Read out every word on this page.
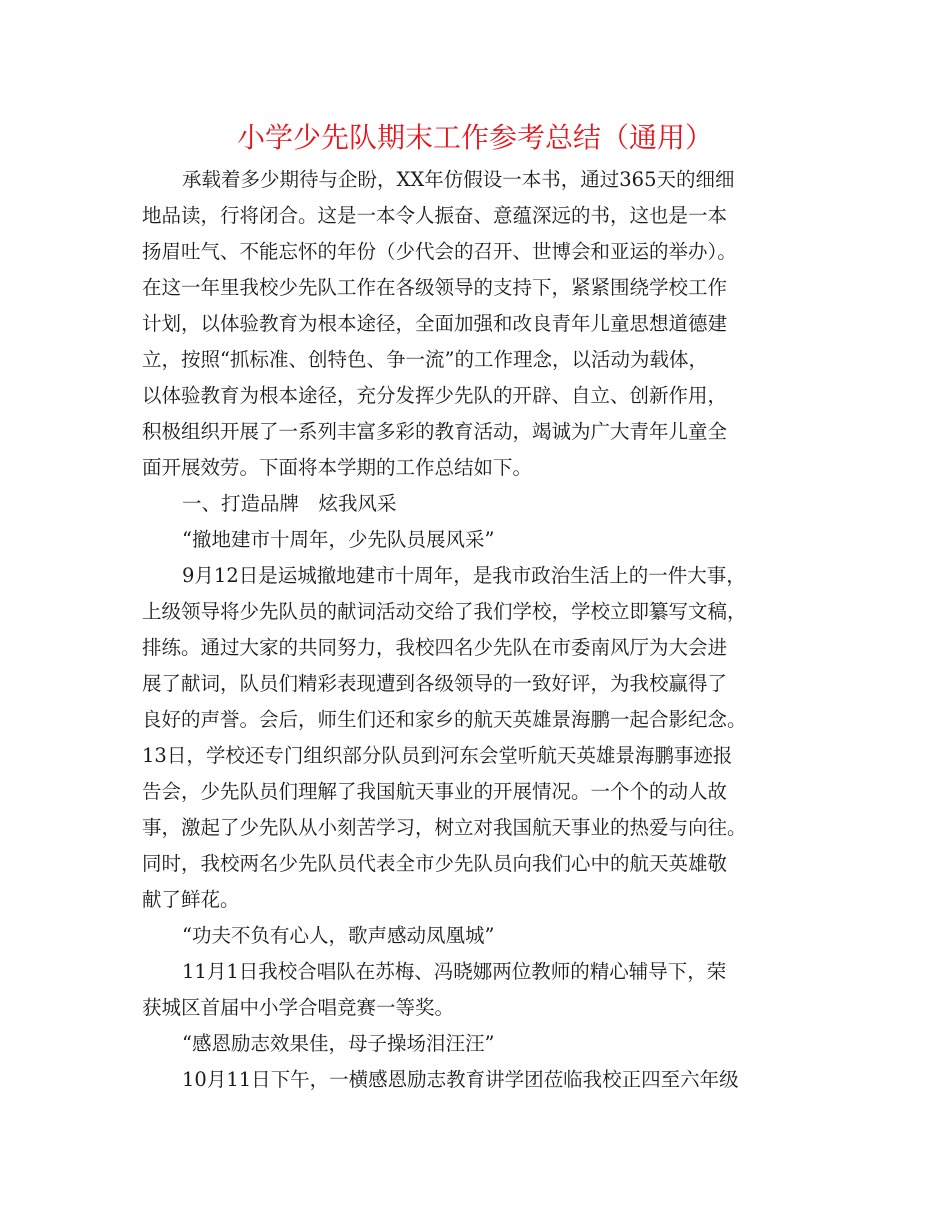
小学少先队期末工作参考总结（通用）

承载着多少期待与企盼，XX年仿假设一本书，通过365天的细细

地品读，行将闭合。这是一本令人振奋、意蕴深远的书，这也是一本

扬眉吐气、不能忘怀的年份（少代会的召开、世博会和亚运的举办）。

在这一年里我校少先队工作在各级领导的支持下，紧紧围绕学校工作

计划，以体验教育为根本途径，全面加强和改良青年儿童思想道德建

立，按照“抓标准、创特色、争一流”的工作理念，以活动为载体，

以体验教育为根本途径，充分发挥少先队的开辟、自立、创新作用，

积极组织开展了一系列丰富多彩的教育活动，竭诚为广大青年儿童全

面开展效劳。下面将本学期的工作总结如下。

一、打造品牌　炫我风采

“撤地建市十周年，少先队员展风采”

9月12日是运城撤地建市十周年，是我市政治生活上的一件大事，

上级领导将少先队员的献词活动交给了我们学校，学校立即纂写文稿，

排练。通过大家的共同努力，我校四名少先队在市委南风厅为大会进

展了献词，队员们精彩表现遭到各级领导的一致好评，为我校赢得了

良好的声誉。会后，师生们还和家乡的航天英雄景海鹏一起合影纪念。

13日，学校还专门组织部分队员到河东会堂听航天英雄景海鹏事迹报

告会，少先队员们理解了我国航天事业的开展情况。一个个的动人故

事，激起了少先队从小刻苦学习，树立对我国航天事业的热爱与向往。

同时，我校两名少先队员代表全市少先队员向我们心中的航天英雄敬

献了鲜花。

“功夫不负有心人，歌声感动凤凰城”

11月1日我校合唱队在苏梅、冯晓娜两位教师的精心辅导下，荣

获城区首届中小学合唱竞赛一等奖。

“感恩励志效果佳，母子操场泪汪汪”

10月11日下午，一横感恩励志教育讲学团莅临我校正四至六年级
